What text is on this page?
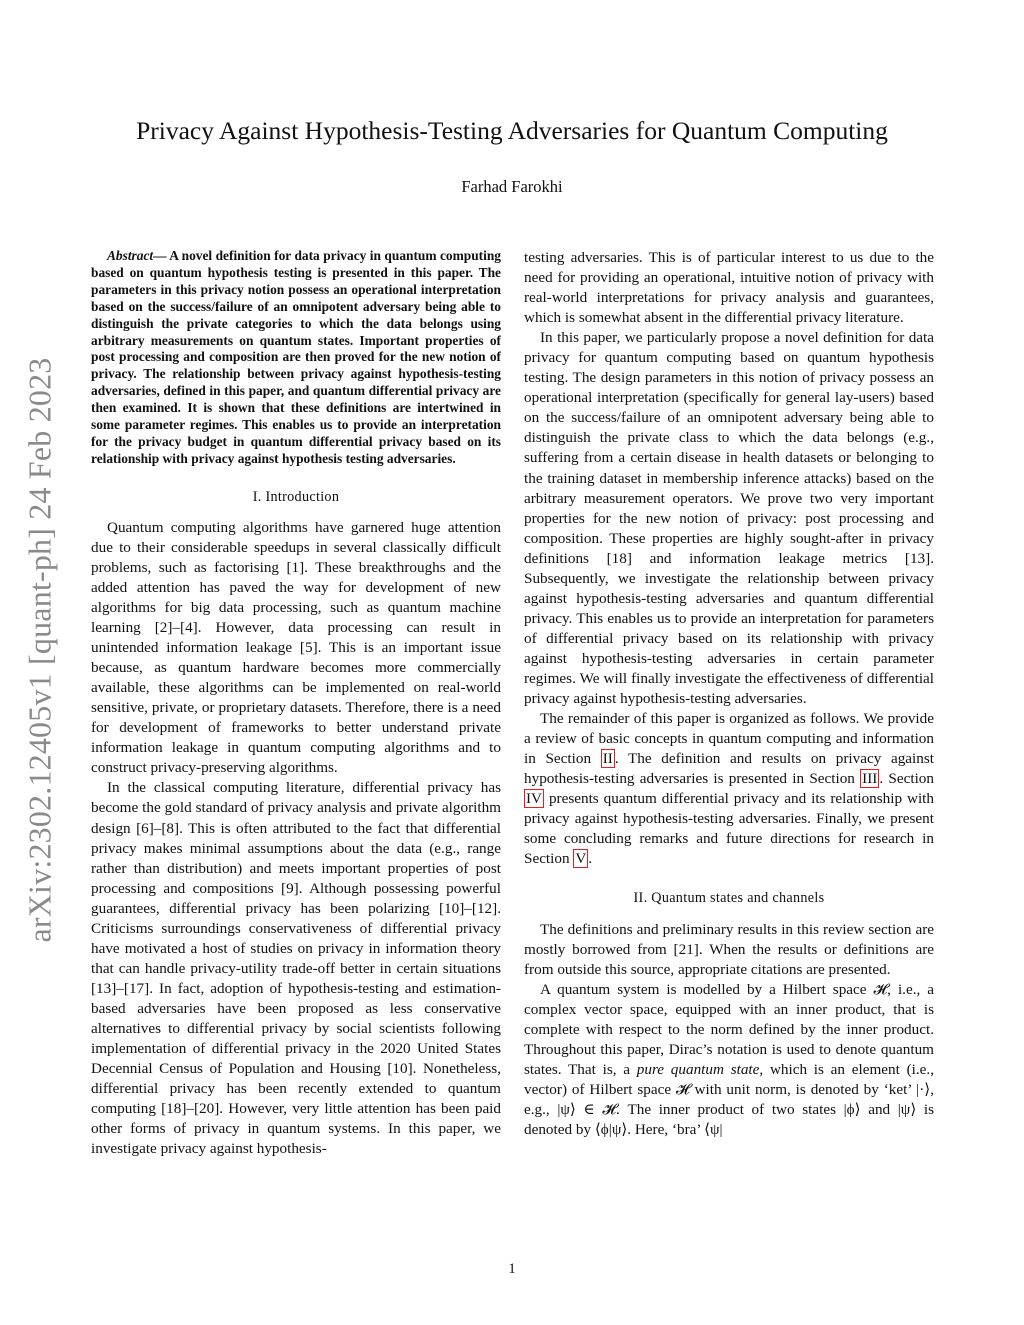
arXiv:2302.12405v1 [quant-ph] 24 Feb 2023
Privacy Against Hypothesis-Testing Adversaries for Quantum Computing
Farhad Farokhi

Abstract— A novel definition for data privacy in quantum computing based on quantum hypothesis testing is presented in this paper. The parameters in this privacy notion possess an operational interpretation based on the success/failure of an omnipotent adversary being able to distinguish the private categories to which the data belongs using arbitrary measurements on quantum states. Important properties of post processing and composition are then proved for the new notion of privacy. The relationship between privacy against hypothesis-testing adversaries, defined in this paper, and quantum differential privacy are then examined. It is shown that these definitions are intertwined in some parameter regimes. This enables us to provide an interpretation for the privacy budget in quantum differential privacy based on its relationship with privacy against hypothesis testing adversaries.

I. Introduction

Quantum computing algorithms have garnered huge attention due to their considerable speedups in several classically difficult problems, such as factorising [1]. These breakthroughs and the added attention has paved the way for development of new algorithms for big data processing, such as quantum machine learning [2]–[4]. However, data processing can result in unintended information leakage [5]. This is an important issue because, as quantum hardware becomes more commercially available, these algorithms can be implemented on real-world sensitive, private, or proprietary datasets. Therefore, there is a need for development of frameworks to better understand private information leakage in quantum computing algorithms and to construct privacy-preserving algorithms.

In the classical computing literature, differential privacy has become the gold standard of privacy analysis and private algorithm design [6]–[8]. This is often attributed to the fact that differential privacy makes minimal assumptions about the data (e.g., range rather than distribution) and meets important properties of post processing and compositions [9]. Although possessing powerful guarantees, differential privacy has been polarizing [10]–[12]. Criticisms surroundings conservativeness of differential privacy have motivated a host of studies on privacy in information theory that can handle privacy-utility trade-off better in certain situations [13]–[17]. In fact, adoption of hypothesis-testing and estimation-based adversaries have been proposed as less conservative alternatives to differential privacy by social scientists following implementation of differential privacy in the 2020 United States Decennial Census of Population and Housing [10]. Nonetheless, differential privacy has been recently extended to quantum computing [18]–[20]. However, very little attention has been paid other forms of privacy in quantum systems. In this paper, we investigate privacy against hypothesis-

testing adversaries. This is of particular interest to us due to the need for providing an operational, intuitive notion of privacy with real-world interpretations for privacy analysis and guarantees, which is somewhat absent in the differential privacy literature.

In this paper, we particularly propose a novel definition for data privacy for quantum computing based on quantum hypothesis testing. The design parameters in this notion of privacy possess an operational interpretation (specifically for general lay-users) based on the success/failure of an omnipotent adversary being able to distinguish the private class to which the data belongs (e.g., suffering from a certain disease in health datasets or belonging to the training dataset in membership inference attacks) based on the arbitrary measurement operators. We prove two very important properties for the new notion of privacy: post processing and composition. These properties are highly sought-after in privacy definitions [18] and information leakage metrics [13]. Subsequently, we investigate the relationship between privacy against hypothesis-testing adversaries and quantum differential privacy. This enables us to provide an interpretation for parameters of differential privacy based on its relationship with privacy against hypothesis-testing adversaries in certain parameter regimes. We will finally investigate the effectiveness of differential privacy against hypothesis-testing adversaries.

The remainder of this paper is organized as follows. We provide a review of basic concepts in quantum computing and information in Section II . The definition and results on privacy against hypothesis-testing adversaries is presented in Section III . Section IV presents quantum differential privacy and its relationship with privacy against hypothesis-testing adversaries. Finally, we present some concluding remarks and future directions for research in Section V .

II. Quantum states and channels

The definitions and preliminary results in this review section are mostly borrowed from [21]. When the results or definitions are from outside this source, appropriate citations are presented.

A quantum system is modelled by a Hilbert space 𝓗, i.e., a complex vector space, equipped with an inner product, that is complete with respect to the norm defined by the inner product. Throughout this paper, Dirac’s notation is used to denote quantum states. That is, a pure quantum state, which is an element (i.e., vector) of Hilbert space 𝓗 with unit norm, is denoted by ‘ket’ |·⟩, e.g., |ψ⟩ ∈ 𝓗. The inner product of two states |ϕ⟩ and |ψ⟩ is denoted by ⟨ϕ|ψ⟩. Here, ‘bra’ ⟨ψ|

1
